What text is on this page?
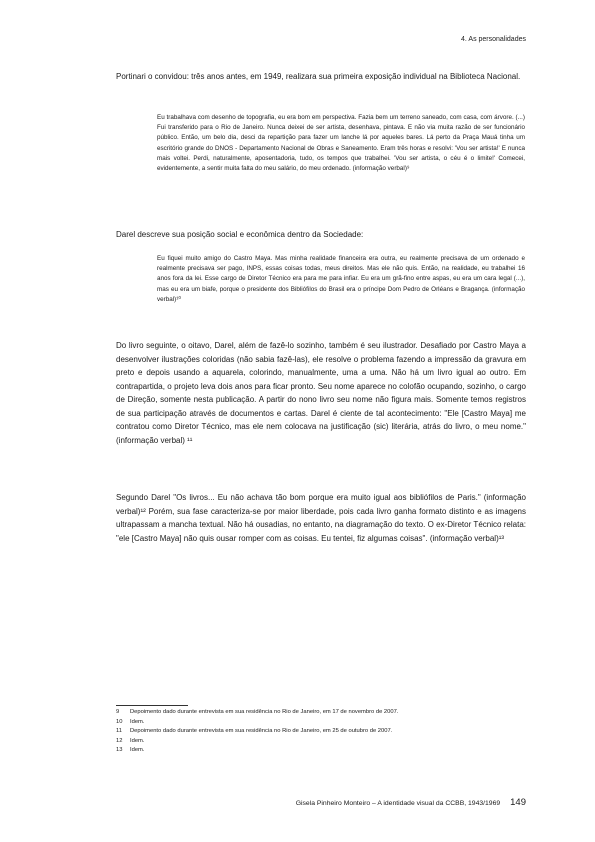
4. As personalidades

Portinari o convidou: três anos antes, em 1949, realizara sua primeira exposição individual na Biblioteca Nacional.

Eu trabalhava com desenho de topografia, eu era bom em perspectiva. Fazia bem um terreno saneado, com casa, com árvore. (...) Fui transferido para o Rio de Janeiro. Nunca deixei de ser artista, desenhava, pintava. E não via muita razão de ser funcionário público. Então, um belo dia, desci da repartição para fazer um lanche lá por aqueles bares. Lá perto da Praça Mauá tinha um escritório grande do DNOS - Departamento Nacional de Obras e Saneamento. Eram três horas e resolvi: 'Vou ser artista!' E nunca mais voltei. Perdi, naturalmente, aposentadoria, tudo, os tempos que trabalhei. 'Vou ser artista, o céu é o limite!' Comecei, evidentemente, a sentir muita falta do meu salário, do meu ordenado. (informação verbal)⁹

Darel descreve sua posição social e econômica dentro da Sociedade:

Eu fiquei muito amigo do Castro Maya. Mas minha realidade financeira era outra, eu realmente precisava de um ordenado e realmente precisava ser pago, INPS, essas coisas todas, meus direitos. Mas ele não quis. Então, na realidade, eu trabalhei 16 anos fora da lei. Esse cargo de Diretor Técnico era para me para infiar. Eu era um grã-fino entre aspas, eu era um cara legal (...), mas eu era um biafe, porque o presidente dos Bibliófilos do Brasil era o príncipe Dom Pedro de Orléans e Bragança. (informação verbal)¹⁰

Do livro seguinte, o oitavo, Darel, além de fazê-lo sozinho, também é seu ilustrador. Desafiado por Castro Maya a desenvolver ilustrações coloridas (não sabia fazê-las), ele resolve o problema fazendo a impressão da gravura em preto e depois usando a aquarela, colorindo, manualmente, uma a uma. Não há um livro igual ao outro. Em contrapartida, o projeto leva dois anos para ficar pronto. Seu nome aparece no colofão ocupando, sozinho, o cargo de Direção, somente nesta publicação. A partir do nono livro seu nome não figura mais. Somente temos registros de sua participação através de documentos e cartas. Darel é ciente de tal acontecimento: "Ele [Castro Maya] me contratou como Diretor Técnico, mas ele nem colocava na justificação (sic) literária, atrás do livro, o meu nome." (informação verbal) ¹¹

Segundo Darel "Os livros... Eu não achava tão bom porque era muito igual aos bibliófilos de Paris." (informação verbal)¹² Porém, sua fase caracteriza-se por maior liberdade, pois cada livro ganha formato distinto e as imagens ultrapassam a mancha textual. Não há ousadias, no entanto, na diagramação do texto. O ex-Diretor Técnico relata: "ele [Castro Maya] não quis ousar romper com as coisas. Eu tentei, fiz algumas coisas". (informação verbal)¹³

9	Depoimento dado durante entrevista em sua residência no Rio de Janeiro, em 17 de novembro de 2007.
10	Idem.
11	Depoimento dado durante entrevista em sua residência no Rio de Janeiro, em 25 de outubro de 2007.
12	Idem.
13	Idem.
Gisela Pinheiro Monteiro – A identidade visual da CCBB, 1943/1969 149
